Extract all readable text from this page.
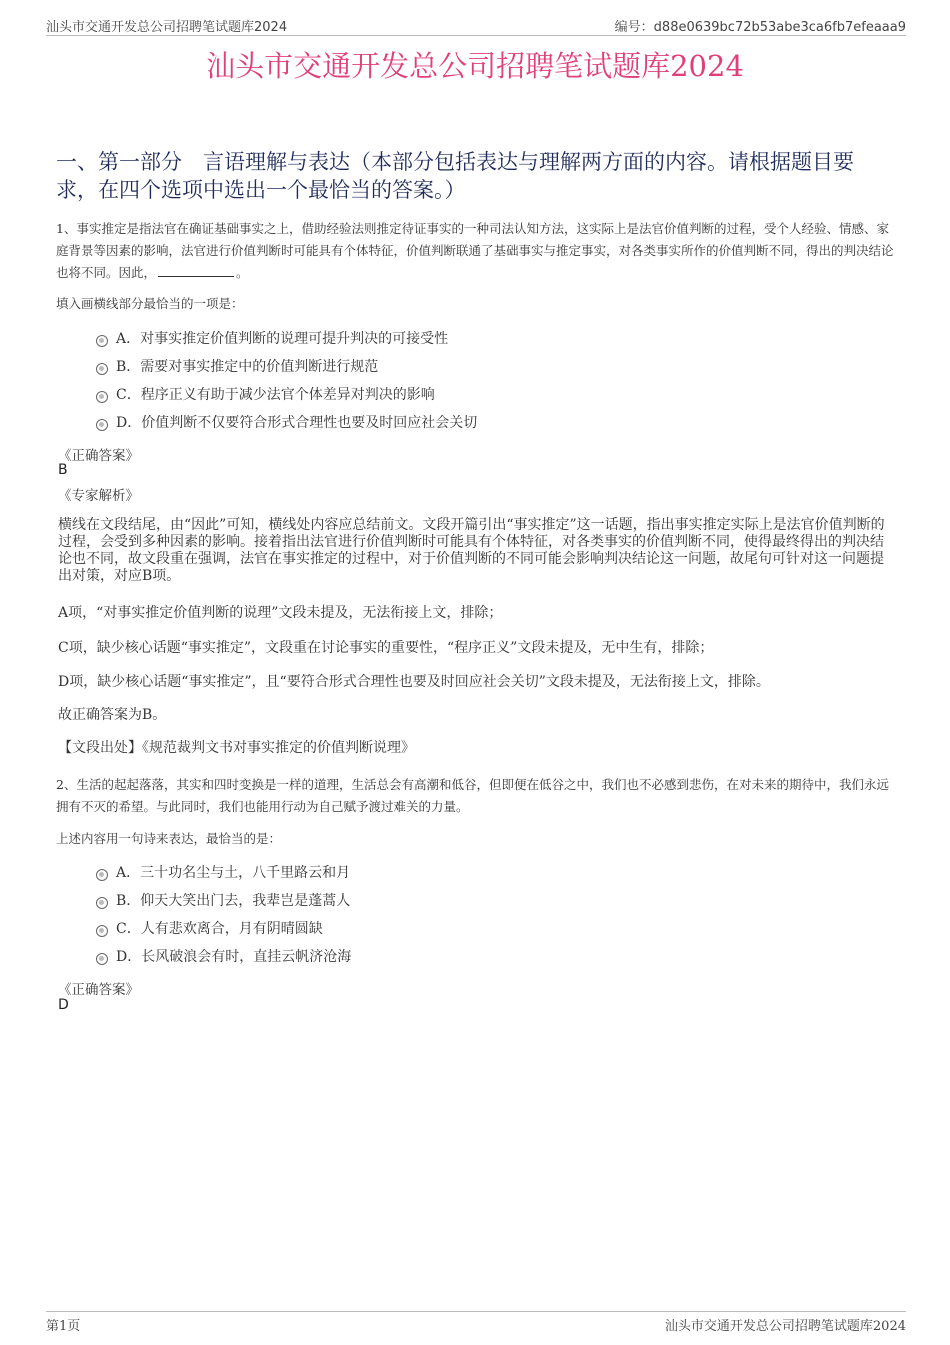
汕头市交通开发总公司招聘笔试题库2024	编号：d88e0639bc72b53abe3ca6fb7efeaaa9
汕头市交通开发总公司招聘笔试题库2024
一、第一部分　言语理解与表达（本部分包括表达与理解两方面的内容。请根据题目要求，在四个选项中选出一个最恰当的答案。）
1、事实推定是指法官在确证基础事实之上，借助经验法则推定待证事实的一种司法认知方法，这实际上是法官价值判断的过程，受个人经验、情感、家庭背景等因素的影响，法官进行价值判断时可能具有个体特征，价值判断联通了基础事实与推定事实，对各类事实所作的价值判断不同，得出的判决结论也将不同。因此，	。
填入画横线部分最恰当的一项是：
A．对事实推定价值判断的说理可提升判决的可接受性
B．需要对事实推定中的价值判断进行规范
C．程序正义有助于减少法官个体差异对判决的影响
D．价值判断不仅要符合形式合理性也要及时回应社会关切
《正确答案》
B
《专家解析》
横线在文段结尾，由“因此”可知，横线处内容应总结前文。文段开篇引出“事实推定”这一话题，指出事实推定实际上是法官价值判断的过程，会受到多种因素的影响。接着指出法官进行价值判断时可能具有个体特征，对各类事实的价值判断不同，使得最终得出的判决结论也不同，故文段重在强调，法官在事实推定的过程中，对于价值判断的不同可能会影响判决结论这一问题，故尾句可针对这一问题提出对策，对应B项。
A项，“对事实推定价值判断的说理”文段未提及，无法衔接上文，排除；
C项，缺少核心话题“事实推定”，文段重在讨论事实的重要性，“程序正义”文段未提及，无中生有，排除；
D项，缺少核心话题“事实推定”，且“要符合形式合理性也要及时回应社会关切”文段未提及，无法衔接上文，排除。
故正确答案为B。
【文段出处】《规范裁判文书对事实推定的价值判断说理》
2、生活的起起落落，其实和四时变换是一样的道理，生活总会有高潮和低谷，但即便在低谷之中，我们也不必感到悲伤，在对未来的期待中，我们永远拥有不灭的希望。与此同时，我们也能用行动为自己赋予渡过难关的力量。
上述内容用一句诗来表达，最恰当的是：
A．三十功名尘与土，八千里路云和月
B．仰天大笑出门去，我辈岂是蓬蒿人
C．人有悲欢离合，月有阴晴圆缺
D．长风破浪会有时，直挂云帆济沧海
《正确答案》
D
第1页	汕头市交通开发总公司招聘笔试题库2024
